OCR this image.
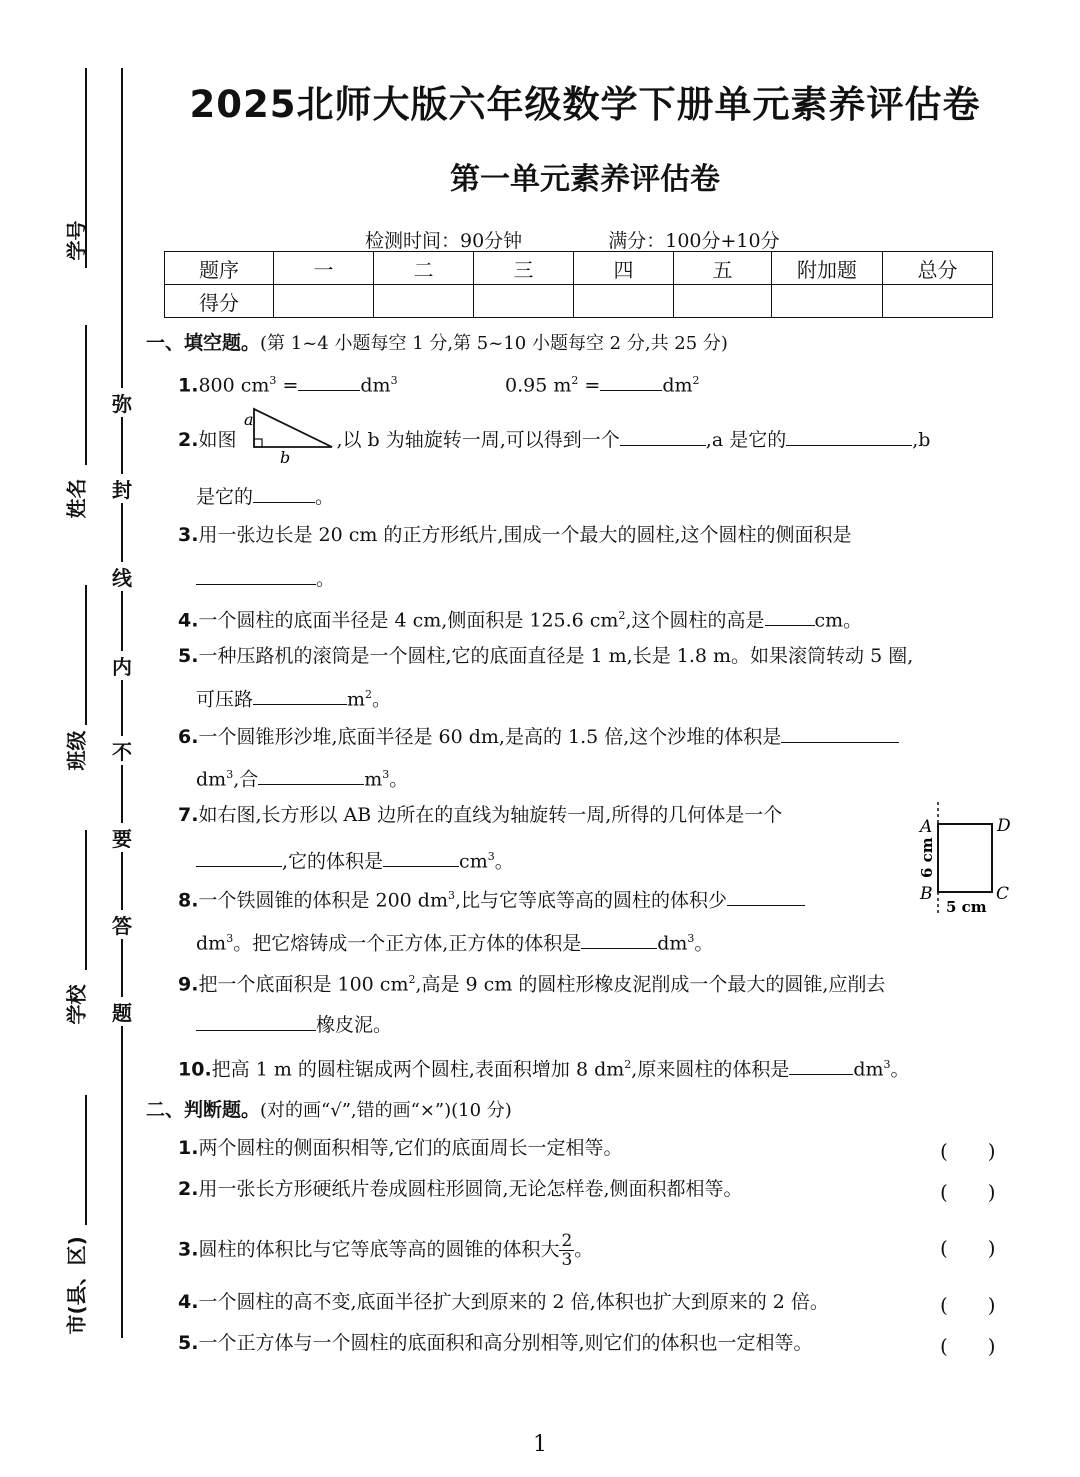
学号
姓名
班级
学校
市(县、区)
弥
封
线
内
不
要
答
题
2025北师大版六年级数学下册单元素养评估卷
第一单元素养评估卷
检测时间：90分钟	满分：100分+10分
题序	一	二	三	四	五	附加题	总分
得分							
一、填空题。(第 1~4 小题每空 1 分,第 5~10 小题每空 2 分,共 25 分)
1.800 $cm^3$ =	$dm^3$	0.95 $m^2$ =	$dm^2$
2.如图	,以 b 为轴旋转一周,可以得到一个	,a 是它的	,b
a
b
是它的	。
3.用一张边长是 20 cm 的正方形纸片,围成一个最大的圆柱,这个圆柱的侧面积是
。
4.一个圆柱的底面半径是 4 cm,侧面积是 125.6 $cm^2$,这个圆柱的高是	cm。
5.一种压路机的滚筒是一个圆柱,它的底面直径是 1 m,长是 1.8 m。如果滚筒转动 5 圈,
可压路	$m^2$。
6.一个圆锥形沙堆,底面半径是 60 dm,是高的 1.5 倍,这个沙堆的体积是
$dm^3$,合	$m^3$。
7.如右图,长方形以 AB 边所在的直线为轴旋转一周,所得的几何体是一个
,它的体积是	$cm^3$。
A	D
B	C
6 cm
5 cm
8.一个铁圆锥的体积是 200 $dm^3$,比与它等底等高的圆柱的体积少
$dm^3$。把它熔铸成一个正方体,正方体的体积是	$dm^3$。
9.把一个底面积是 100 $cm^2$,高是 9 cm 的圆柱形橡皮泥削成一个最大的圆锥,应削去
橡皮泥。
10.把高 1 m 的圆柱锯成两个圆柱,表面积增加 8 $dm^2$,原来圆柱的体积是	$dm^3$。
二、判断题。(对的画“√”,错的画“×”)(10 分)
1.两个圆柱的侧面积相等,它们的底面周长一定相等。	(　　)
2.用一张长方形硬纸片卷成圆柱形圆筒,无论怎样卷,侧面积都相等。	(　　)
3.圆柱的体积比与它等底等高的圆锥的体积大 $\frac{2}{3}$ 。	(　　)
4.一个圆柱的高不变,底面半径扩大到原来的 2 倍,体积也扩大到原来的 2 倍。	(　　)
5.一个正方体与一个圆柱的底面积和高分别相等,则它们的体积也一定相等。	(　　)
1
